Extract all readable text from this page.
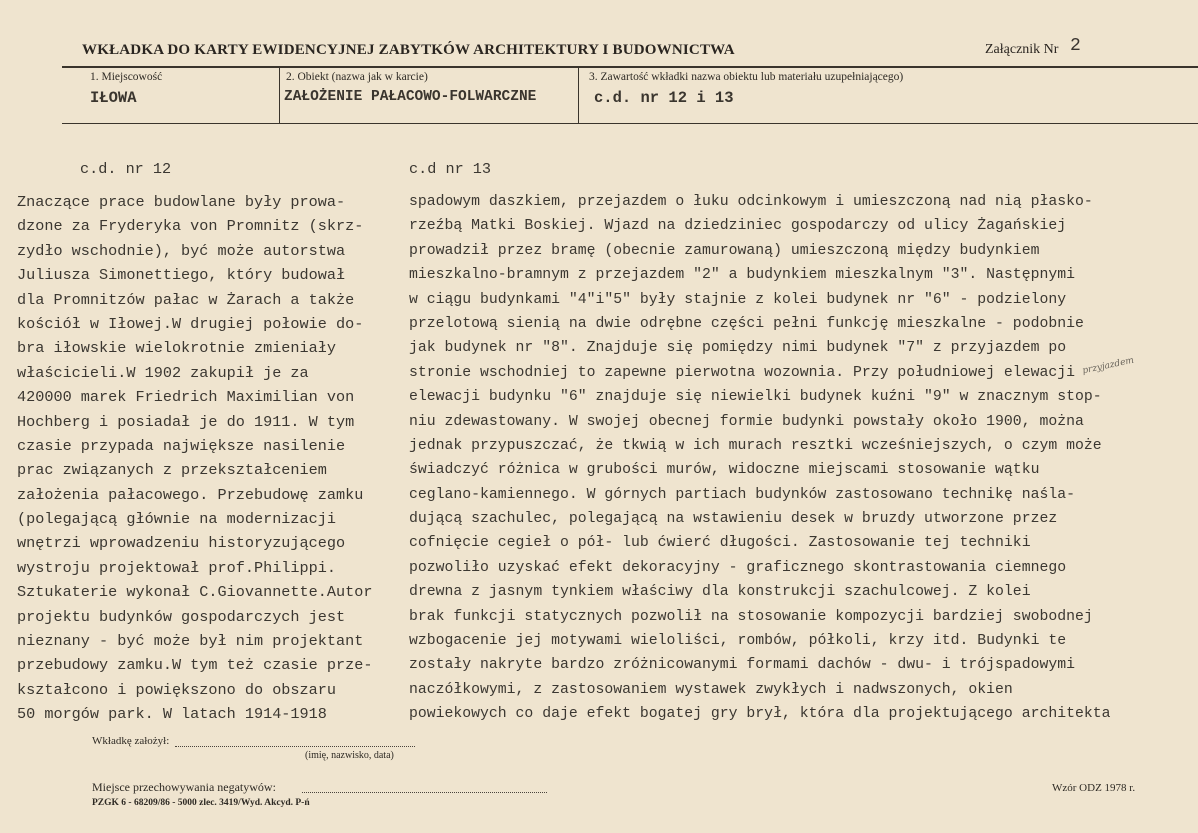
WKŁADKA DO KARTY EWIDENCYJNEJ ZABYTKÓW ARCHITEKTURY I BUDOWNICTWA	Załącznik Nr 2
1. Miejscowość
IŁOWA
2. Obiekt (nazwa jak w karcie)
ZAŁOŻENIE PAŁACOWO-FOLWARCZNE
3. Zawartość wkładki nazwa obiektu lub materiału uzupełniającego)
c.d. nr 12 i 13
c.d. nr 12	c.d nr 13
Znaczące prace budowlane były prowa-
dzone za Fryderyka von Promnitz (skrz-
zydło wschodnie), być może autorstwa
Juliusza Simonettiego, który budował
dla Promnitzów pałac w Żarach a także
kościół w Iłowej.W drugiej połowie do-
bra iłowskie wielokrotnie zmieniały
właścicieli.W 1902 zakupił je za
420000 marek Friedrich Maximilian von
Hochberg i posiadał je do 1911. W tym
czasie przypada największe nasilenie
prac związanych z przekształceniem
założenia pałacowego. Przebudowę zamku
(polegającą głównie na modernizacji
wnętrzi wprowadzeniu historyzującego
wystroju projektował prof.Philippi.
Sztukaterie wykonał C.Giovannette.Autor
projektu budynków gospodarczych jest
nieznany - być może był nim projektant
przebudowy zamku.W tym też czasie prze-
kształcono i powiększono do obszaru
50 morgów park. W latach 1914-1918
spadowym daszkiem, przejazdem o łuku odcinkowym i umieszczoną nad nią płasko-
rzeźbą Matki Boskiej. Wjazd na dziedziniec gospodarczy od ulicy Żagańskiej
prowadził przez bramę (obecnie zamurowaną) umieszczoną między budynkiem
mieszkalno-bramnym z przejazdem "2" a budynkiem mieszkalnym "3". Następnymi
w ciągu budynkami "4"i"5" były stajnie z kolei budynek nr "6" - podzielony
przelotową sienią na dwie odrębne części pełni funkcję mieszkalne - podobnie
jak budynek nr "8". Znajduje się pomiędzy nimi budynek "7" z przyjazdem po
stronie wschodniej to zapewne pierwotna wozownia. Przy południowej elewacji
elewacji budynku "6" znajduje się niewielki budynek kuźni "9" w znacznym stop-
niu zdewastowany. W swojej obecnej formie budynki powstały około 1900, można
jednak przypuszczać, że tkwią w ich murach resztki wcześniejszych, o czym może
świadczyć różnica w grubości murów, widoczne miejscami stosowanie wątku
ceglano-kamiennego. W górnych partiach budynków zastosowano technikę naśla-
dującą szachulec, polegającą na wstawieniu desek w bruzdy utworzone przez
cofnięcie cegieł o pół- lub ćwierć długości. Zastosowanie tej techniki
pozwoliło uzyskać efekt dekoracyjny - graficznego skontrastowania ciemnego
drewna z jasnym tynkiem właściwy dla konstrukcji szachulcowej. Z kolei
brak funkcji statycznych pozwolił na stosowanie kompozycji bardziej swobodnej
wzbogacenie jej motywami wieloliści, rombów, półkoli, krzy itd. Budynki te
zostały nakryte bardzo zróżnicowanymi formami dachów - dwu- i trójspadowymi
naczółkowymi, z zastosowaniem wystawek zwykłych i nadwszonych, okien
powiekowych co daje efekt bogatej gry brył, która dla projektującego architekta
przyjazdem
Wkładkę założył:
(imię, nazwisko, data)
Miejsce przechowywania negatywów:
PZGK 6 - 68209/86 - 5000 zlec. 3419/Wyd. Akcyd. P-ń
Wzór ODZ 1978 r.
